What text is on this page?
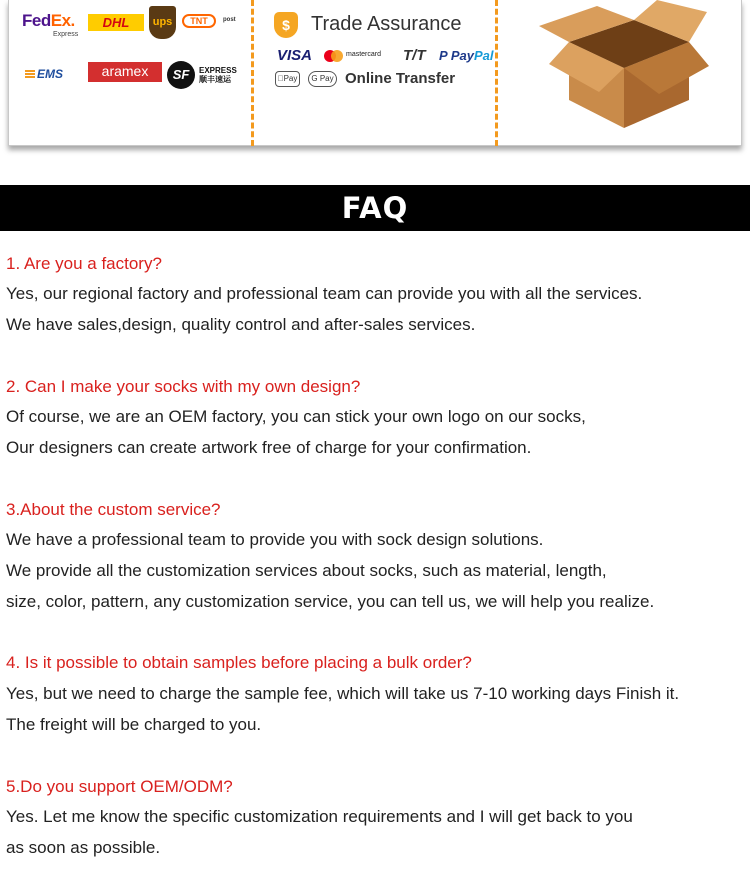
FedEx.
Express
DHL	ups	TNT	post
EMS	aramex	SF	EXPRESS
顺丰速运
$	Trade Assurance
VISA	mastercard T/T P PayPal
Pay	G Pay Online Transfer
FAQ
1. Are you a factory?
Yes, our regional factory and professional team can provide you with all the services.
We have sales,design, quality control and after-sales services.
2. Can I make your socks with my own design?
Of course, we are an OEM factory, you can stick your own logo on our socks,
Our designers can create artwork free of charge for your confirmation.
3.About the custom service?
We have a professional team to provide you with sock design solutions.
We provide all the customization services about socks, such as material, length,
size, color, pattern, any customization service, you can tell us, we will help you realize.
4. Is it possible to obtain samples before placing a bulk order?
Yes, but we need to charge the sample fee, which will take us 7-10 working days Finish it.
The freight will be charged to you.
5.Do you support OEM/ODM?
Yes. Let me know the specific customization requirements and I will get back to you
as soon as possible.
